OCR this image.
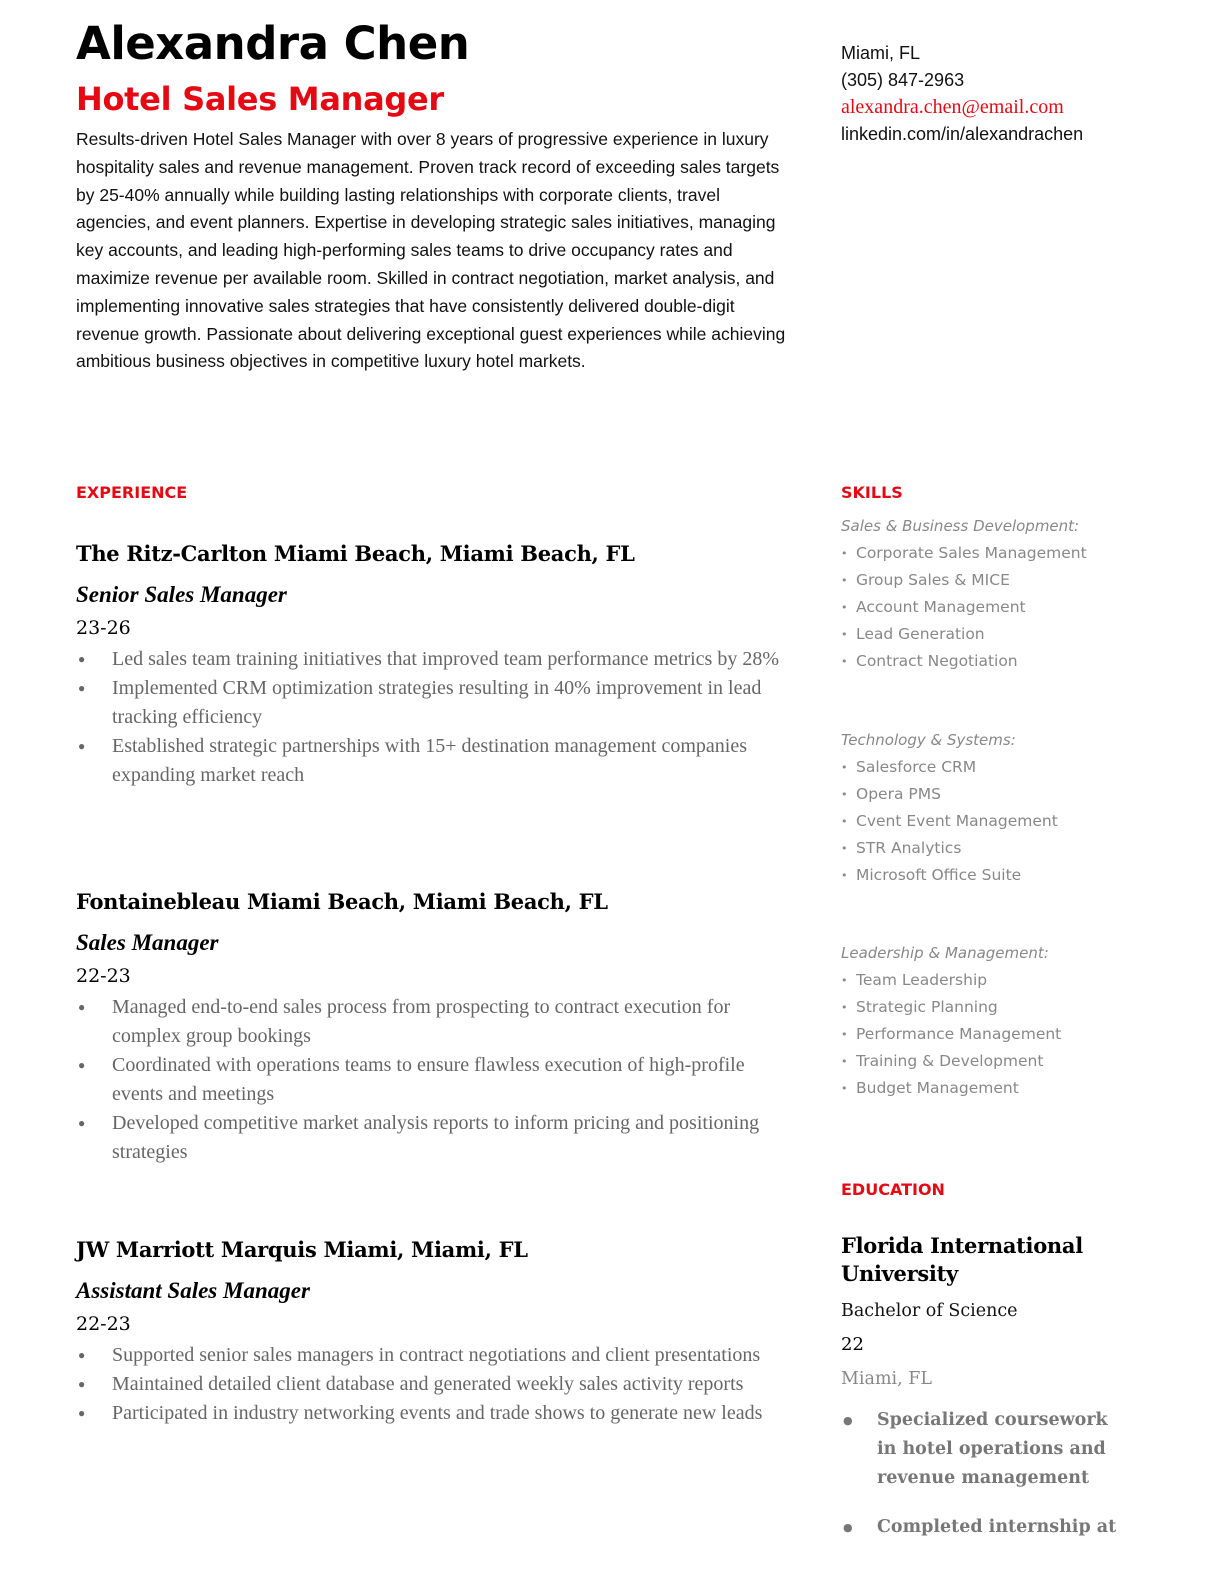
Alexandra Chen
Hotel Sales Manager

Results-driven Hotel Sales Manager with over 8 years of progressive experience in luxury hospitality sales and revenue management. Proven track record of exceeding sales targets by 25-40% annually while building lasting relationships with corporate clients, travel agencies, and event planners. Expertise in developing strategic sales initiatives, managing key accounts, and leading high-performing sales teams to drive occupancy rates and maximize revenue per available room. Skilled in contract negotiation, market analysis, and implementing innovative sales strategies that have consistently delivered double-digit revenue growth. Passionate about delivering exceptional guest experiences while achieving ambitious business objectives in competitive luxury hotel markets.

Miami, FL
(305) 847-2963
alexandra.chen@email.com
linkedin.com/in/alexandrachen
EXPERIENCE
The Ritz-Carlton Miami Beach, Miami Beach, FL
Senior Sales Manager
23-26
● Led sales team training initiatives that improved team performance metrics by 28%
● Implemented CRM optimization strategies resulting in 40% improvement in lead tracking efficiency
● Established strategic partnerships with 15+ destination management companies expanding market reach
Fontainebleau Miami Beach, Miami Beach, FL
Sales Manager
22-23
● Managed end-to-end sales process from prospecting to contract execution for complex group bookings
● Coordinated with operations teams to ensure flawless execution of high-profile events and meetings
● Developed competitive market analysis reports to inform pricing and positioning strategies
JW Marriott Marquis Miami, Miami, FL
Assistant Sales Manager
22-23
● Supported senior sales managers in contract negotiations and client presentations
● Maintained detailed client database and generated weekly sales activity reports
● Participated in industry networking events and trade shows to generate new leads
SKILLS
Sales & Business Development:
• Corporate Sales Management
• Group Sales & MICE
• Account Management
• Lead Generation
• Contract Negotiation
Technology & Systems:
• Salesforce CRM
• Opera PMS
• Cvent Event Management
• STR Analytics
• Microsoft Office Suite
Leadership & Management:
• Team Leadership
• Strategic Planning
• Performance Management
• Training & Development
• Budget Management
EDUCATION
Florida International University
Bachelor of Science
22
Miami, FL
● Specialized coursework in hotel operations and revenue management
● Completed internship at
